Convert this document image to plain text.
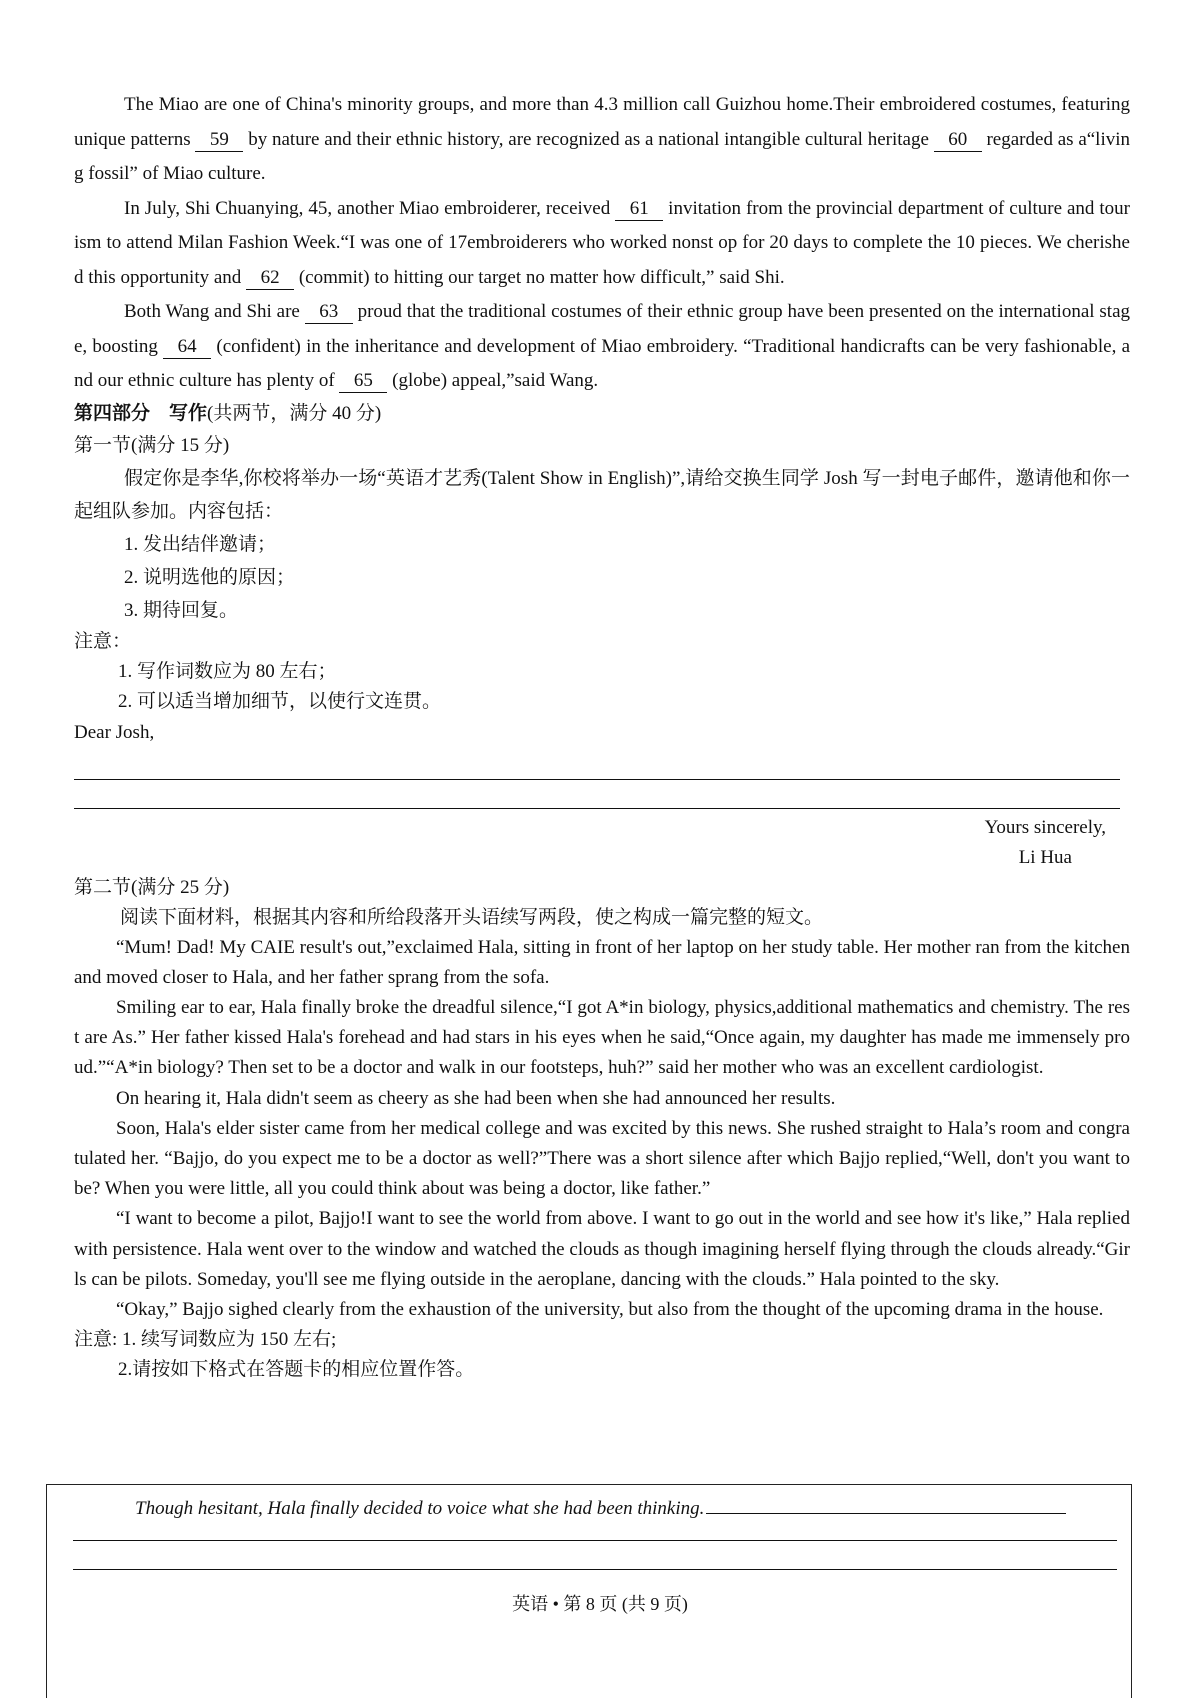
The Miao are one of China's minority groups, and more than 4.3 million call Guizhou home.Their embroidered costumes, featuring unique patterns 59 by nature and their ethnic history, are recognized as a national intangible cultural heritage 60 regarded as a“living fossil” of Miao culture.

In July, Shi Chuanying, 45, another Miao embroiderer, received 61 invitation from the provincial department of culture and tourism to attend Milan Fashion Week.“I was one of 17embroiderers who worked nonst op for 20 days to complete the 10 pieces. We cherished this opportunity and 62 (commit) to hitting our target no matter how difficult,” said Shi.

Both Wang and Shi are 63 proud that the traditional costumes of their ethnic group have been presented on the international stage, boosting 64 (confident) in the inheritance and development of Miao embroidery. “Traditional handicrafts can be very fashionable, and our ethnic culture has plenty of 65 (globe) appeal,”said Wang.

第四部分　写作(共两节，满分 40 分)

第一节(满分 15 分)

假定你是李华,你校将举办一场“英语才艺秀(Talent Show in English)”,请给交换生同学 Josh 写一封电子邮件，邀请他和你一起组队参加。内容包括：

1. 发出结伴邀请；

2. 说明选他的原因；

3. 期待回复。

注意：

1. 写作词数应为 80 左右；

2. 可以适当增加细节，以使行文连贯。

Dear Josh,

Yours sincerely,

Li Hua

第二节(满分 25 分)

阅读下面材料，根据其内容和所给段落开头语续写两段，使之构成一篇完整的短文。

“Mum! Dad! My CAIE result's out,”exclaimed Hala, sitting in front of her laptop on her study table. Her mother ran from the kitchen and moved closer to Hala, and her father sprang from the sofa.

Smiling ear to ear, Hala finally broke the dreadful silence,“I got A*in biology, physics,additional mathematics and chemistry. The rest are As.” Her father kissed Hala's forehead and had stars in his eyes when he said,“Once again, my daughter has made me immensely proud.”“A*in biology? Then set to be a doctor and walk in our footsteps, huh?” said her mother who was an excellent cardiologist.

On hearing it, Hala didn't seem as cheery as she had been when she had announced her results.

Soon, Hala's elder sister came from her medical college and was excited by this news. She rushed straight to Hala’s room and congratulated her. “Bajjo, do you expect me to be a doctor as well?”There was a short silence after which Bajjo replied,“Well, don't you want to be? When you were little, all you could think about was being a doctor, like father.”

“I want to become a pilot, Bajjo!I want to see the world from above. I want to go out in the world and see how it's like,” Hala replied with persistence. Hala went over to the window and watched the clouds as though imagining herself flying through the clouds already.“Girls can be pilots. Someday, you'll see me flying outside in the aeroplane, dancing with the clouds.” Hala pointed to the sky.

“Okay,” Bajjo sighed clearly from the exhaustion of the university, but also from the thought of the upcoming drama in the house.

注意: 1. 续写词数应为 150 左右;

2.请按如下格式在答题卡的相应位置作答。

Though hesitant, Hala finally decided to voice what she had been thinking.
英语 • 第 8 页 (共 9 页)
